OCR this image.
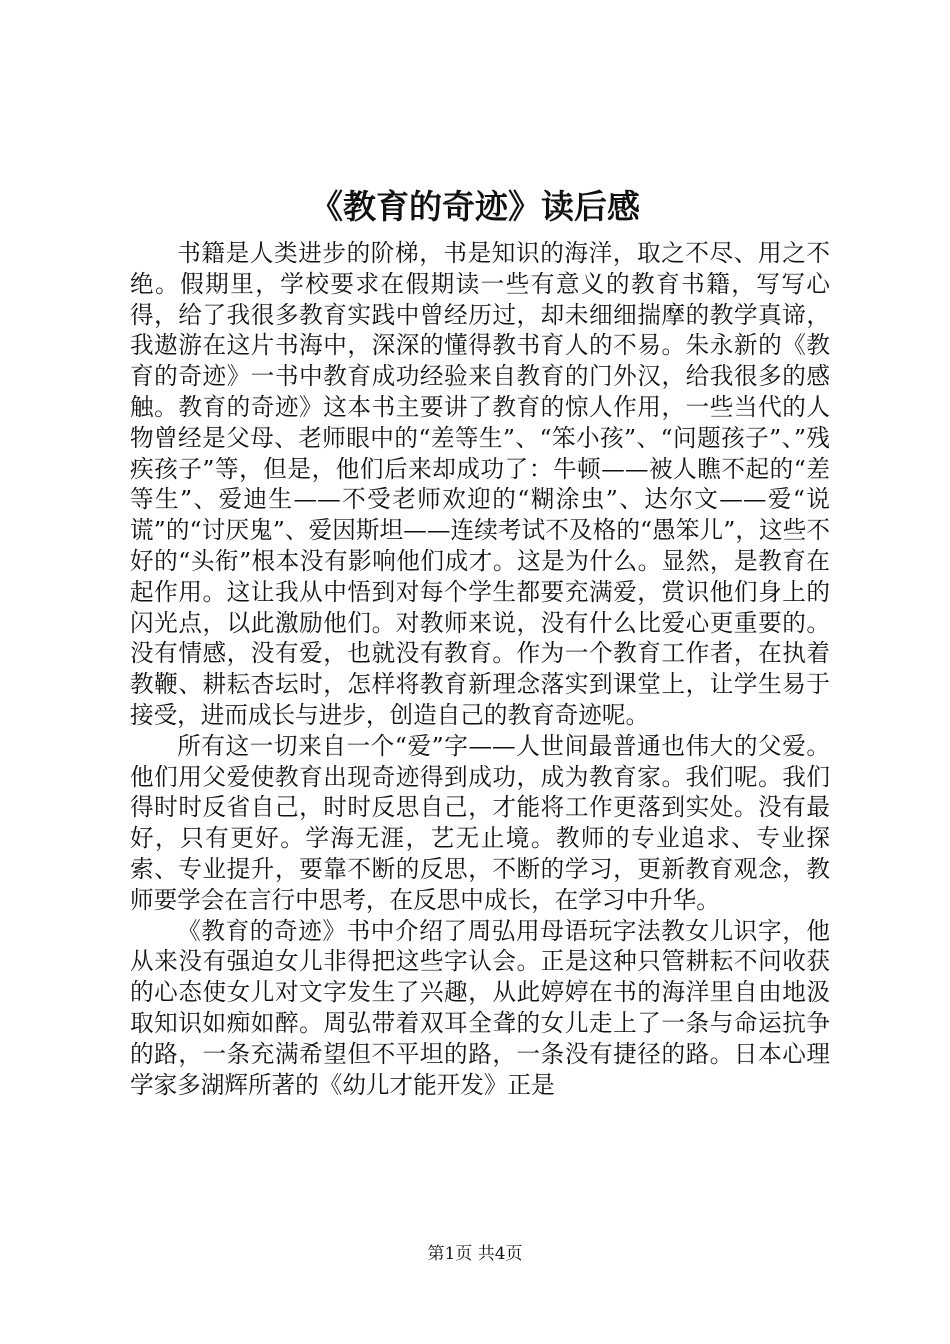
《教育的奇迹》读后感

书籍是人类进步的阶梯，书是知识的海洋，取之不尽、用之不绝。假期里，学校要求在假期读一些有意义的教育书籍，写写心得，给了我很多教育实践中曾经历过，却未细细揣摩的教学真谛，我遨游在这片书海中，深深的懂得教书育人的不易。朱永新的《教育的奇迹》一书中教育成功经验来自教育的门外汉，给我很多的感触。教育的奇迹》这本书主要讲了教育的惊人作用，一些当代的人物曾经是父母、老师眼中的“差等生”、“笨小孩”、“问题孩子”、”残疾孩子”等，但是，他们后来却成功了：牛顿——被人瞧不起的“差等生”、爱迪生——不受老师欢迎的“糊涂虫”、达尔文——爱“说谎”的“讨厌鬼”、爱因斯坦——连续考试不及格的“愚笨儿”，这些不好的“头衔”根本没有影响他们成才。这是为什么。显然，是教育在起作用。这让我从中悟到对每个学生都要充满爱，赏识他们身上的闪光点，以此激励他们。对教师来说，没有什么比爱心更重要的。没有情感，没有爱，也就没有教育。作为一个教育工作者，在执着教鞭、耕耘杏坛时，怎样将教育新理念落实到课堂上，让学生易于接受，进而成长与进步，创造自己的教育奇迹呢。

所有这一切来自一个“爱”字——人世间最普通也伟大的父爱。他们用父爱使教育出现奇迹得到成功，成为教育家。我们呢。我们得时时反省自己，时时反思自己，才能将工作更落到实处。没有最好，只有更好。学海无涯，艺无止境。教师的专业追求、专业探索、专业提升，要靠不断的反思，不断的学习，更新教育观念，教师要学会在言行中思考，在反思中成长，在学习中升华。

《教育的奇迹》书中介绍了周弘用母语玩字法教女儿识字，他从来没有强迫女儿非得把这些字认会。正是这种只管耕耘不问收获的心态使女儿对文字发生了兴趣，从此婷婷在书的海洋里自由地汲取知识如痴如醉。周弘带着双耳全聋的女儿走上了一条与命运抗争的路，一条充满希望但不平坦的路，一条没有捷径的路。日本心理学家多湖辉所著的《幼儿才能开发》正是

第1页 共4页
